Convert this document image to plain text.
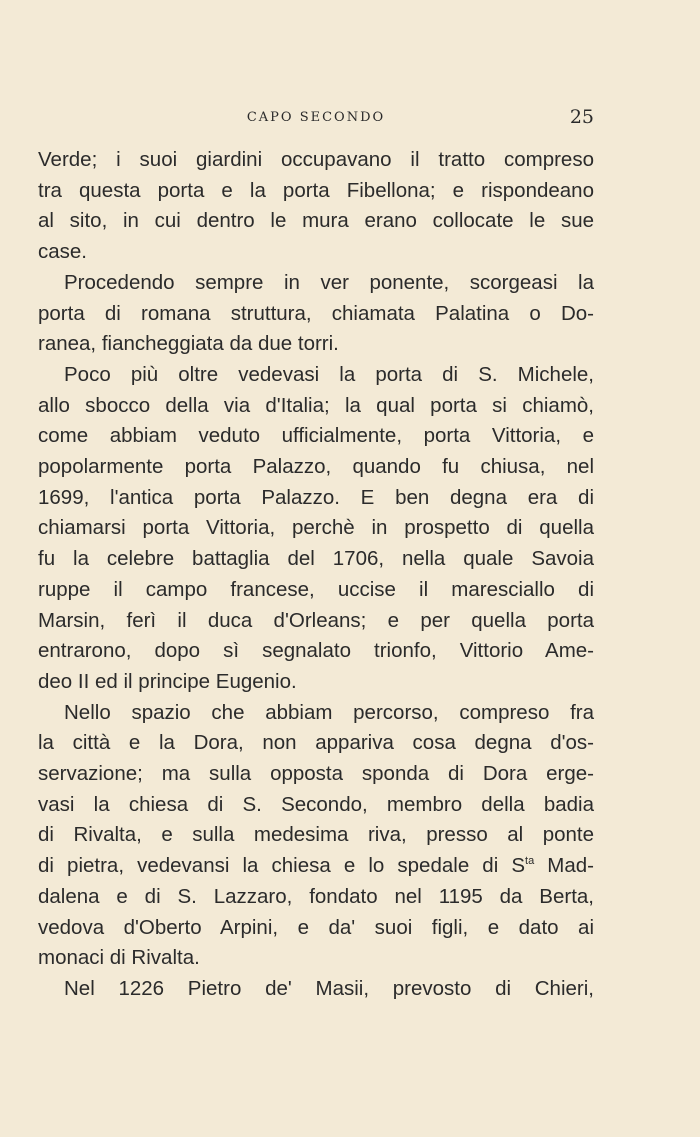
CAPO SECONDO	25
Verde; i suoi giardini occupavano il tratto compreso
tra questa porta e la porta Fibellona; e rispondeano
al sito, in cui dentro le mura erano collocate le sue
case.
Procedendo sempre in ver ponente, scorgeasi la
porta di romana struttura, chiamata Palatina o Do-
ranea, fiancheggiata da due torri.
Poco più oltre vedevasi la porta di S. Michele,
allo sbocco della via d'Italia; la qual porta si chiamò,
come abbiam veduto ufficialmente, porta Vittoria, e
popolarmente porta Palazzo, quando fu chiusa, nel
1699, l'antica porta Palazzo. E ben degna era di
chiamarsi porta Vittoria, perchè in prospetto di quella
fu la celebre battaglia del 1706, nella quale Savoia
ruppe il campo francese, uccise il maresciallo di
Marsin, ferì il duca d'Orleans; e per quella porta
entrarono, dopo sì segnalato trionfo, Vittorio Ame-
deo II ed il principe Eugenio.
Nello spazio che abbiam percorso, compreso fra
la città e la Dora, non appariva cosa degna d'os-
servazione; ma sulla opposta sponda di Dora erge-
vasi la chiesa di S. Secondo, membro della badia
di Rivalta, e sulla medesima riva, presso al ponte
di pietra, vedevansi la chiesa e lo spedale di $S^{ta}$ Mad-
dalena e di S. Lazzaro, fondato nel 1195 da Berta,
vedova d'Oberto Arpini, e da' suoi figli, e dato ai
monaci di Rivalta.
Nel 1226 Pietro de' Masii, prevosto di Chieri,
